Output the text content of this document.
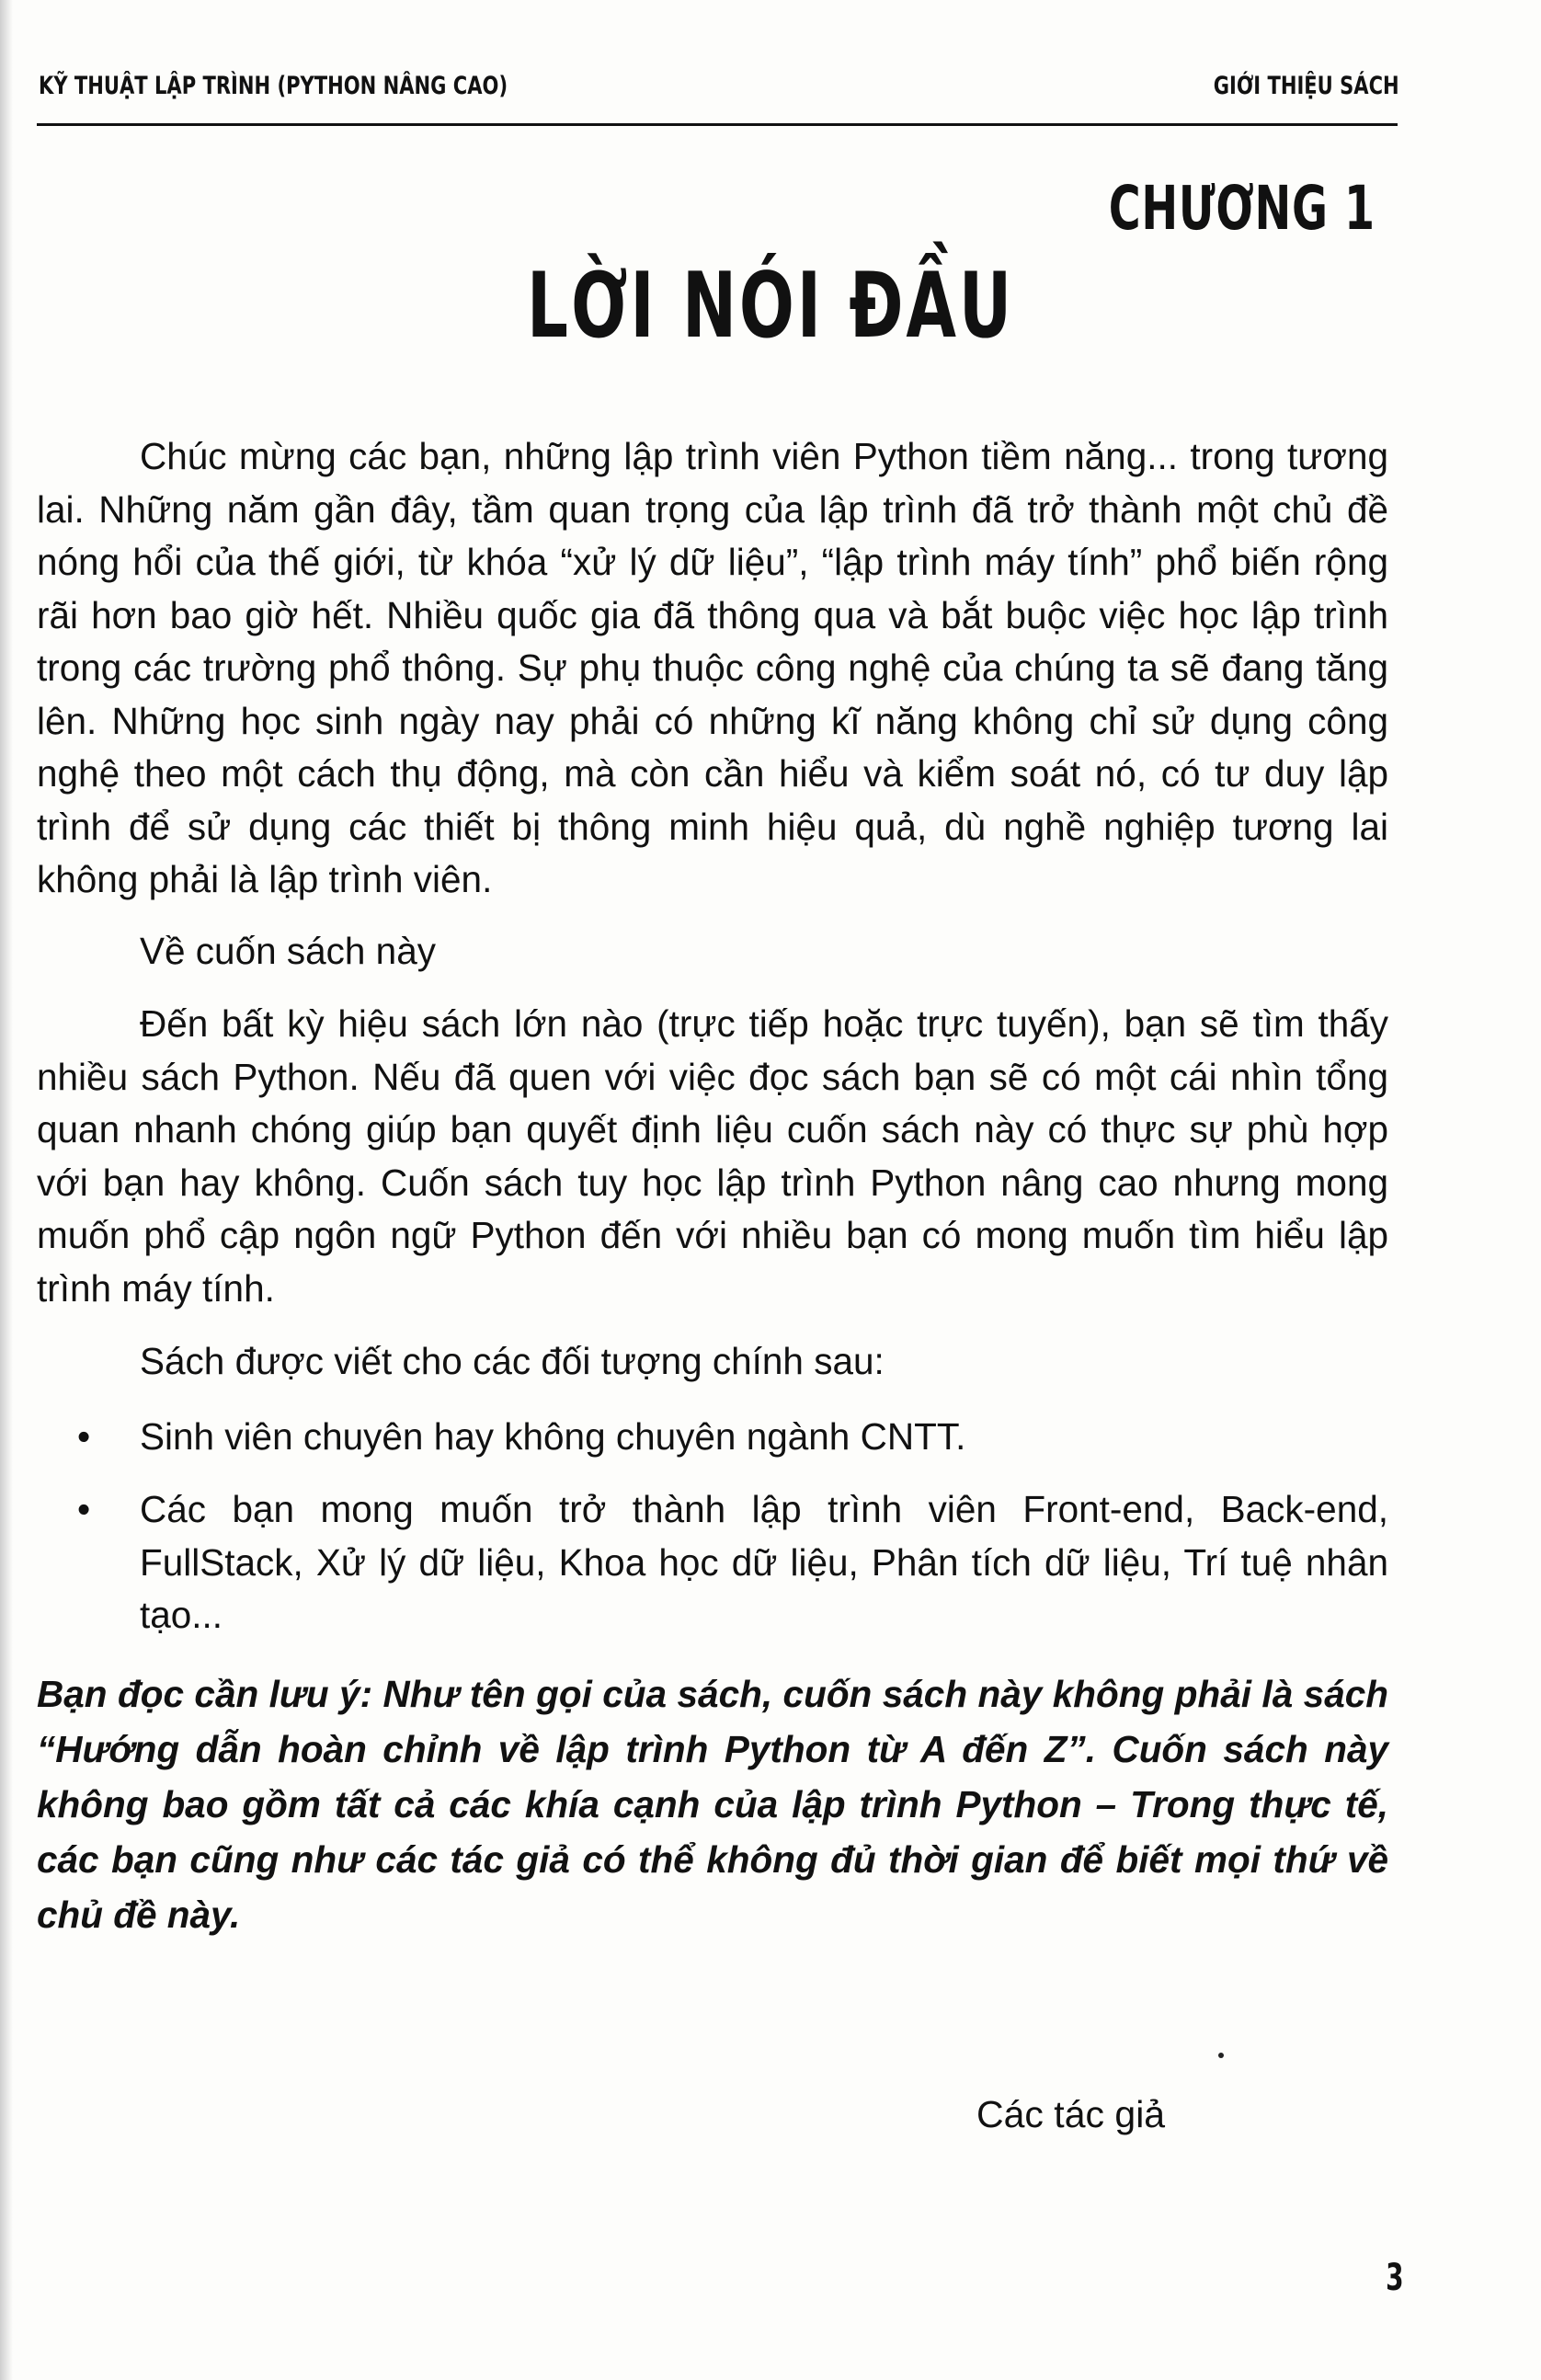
KỸ THUẬT LẬP TRÌNH (PYTHON NÂNG CAO)	GIỚI THIỆU SÁCH
CHƯƠNG 1
LỜI NÓI ĐẦU

Chúc mừng các bạn, những lập trình viên Python tiềm năng... trong tương lai. Những năm gần đây, tầm quan trọng của lập trình đã trở thành một chủ đề nóng hổi của thế giới, từ khóa “xử lý dữ liệu”, “lập trình máy tính” phổ biến rộng rãi hơn bao giờ hết. Nhiều quốc gia đã thông qua và bắt buộc việc học lập trình trong các trường phổ thông. Sự phụ thuộc công nghệ của chúng ta sẽ đang tăng lên. Những học sinh ngày nay phải có những kĩ năng không chỉ sử dụng công nghệ theo một cách thụ động, mà còn cần hiểu và kiểm soát nó, có tư duy lập trình để sử dụng các thiết bị thông minh hiệu quả, dù nghề nghiệp tương lai không phải là lập trình viên.

Về cuốn sách này

Đến bất kỳ hiệu sách lớn nào (trực tiếp hoặc trực tuyến), bạn sẽ tìm thấy nhiều sách Python. Nếu đã quen với việc đọc sách bạn sẽ có một cái nhìn tổng quan nhanh chóng giúp bạn quyết định liệu cuốn sách này có thực sự phù hợp với bạn hay không. Cuốn sách tuy học lập trình Python nâng cao nhưng mong muốn phổ cập ngôn ngữ Python đến với nhiều bạn có mong muốn tìm hiểu lập trình máy tính.

Sách được viết cho các đối tượng chính sau:

• Sinh viên chuyên hay không chuyên ngành CNTT.
• Các bạn mong muốn trở thành lập trình viên Front-end, Back-end, FullStack, Xử lý dữ liệu, Khoa học dữ liệu, Phân tích dữ liệu, Trí tuệ nhân tạo...

Bạn đọc cần lưu ý: Như tên gọi của sách, cuốn sách này không phải là sách “Hướng dẫn hoàn chỉnh về lập trình Python từ A đến Z”. Cuốn sách này không bao gồm tất cả các khía cạnh của lập trình Python – Trong thực tế, các bạn cũng như các tác giả có thể không đủ thời gian để biết mọi thứ về chủ đề này.

Các tác giả
3
